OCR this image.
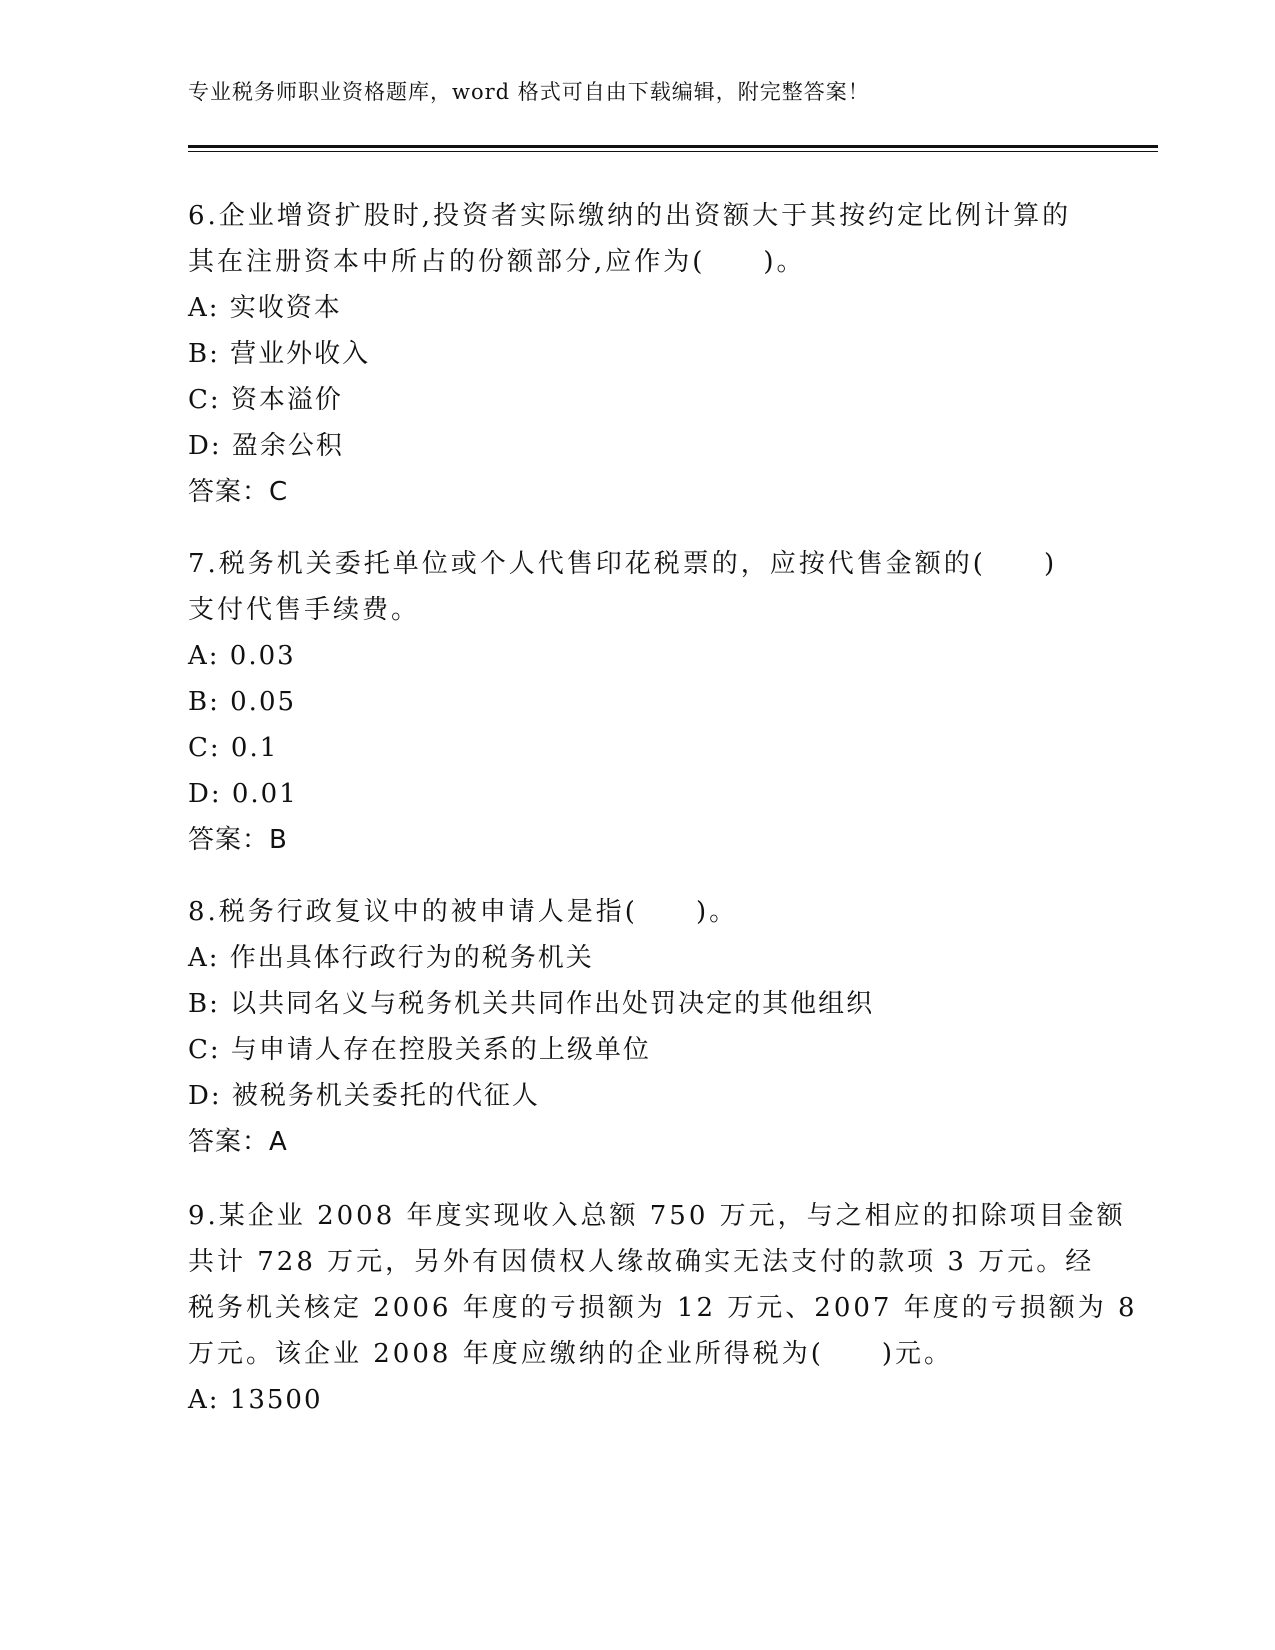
专业税务师职业资格题库，word 格式可自由下载编辑，附完整答案！
6.企业增资扩股时,投资者实际缴纳的出资额大于其按约定比例计算的
其在注册资本中所占的份额部分,应作为(　　)。
A: 实收资本
B: 营业外收入
C: 资本溢价
D: 盈余公积
答案：C
7.税务机关委托单位或个人代售印花税票的，应按代售金额的(　　)
支付代售手续费。
A: 0.03
B: 0.05
C: 0.1
D: 0.01
答案：B
8.税务行政复议中的被申请人是指(　　)。
A: 作出具体行政行为的税务机关
B: 以共同名义与税务机关共同作出处罚决定的其他组织
C: 与申请人存在控股关系的上级单位
D: 被税务机关委托的代征人
答案：A
9.某企业 2008 年度实现收入总额 750 万元，与之相应的扣除项目金额
共计 728 万元，另外有因债权人缘故确实无法支付的款项 3 万元。经
税务机关核定 2006 年度的亏损额为 12 万元、2007 年度的亏损额为 8
万元。该企业 2008 年度应缴纳的企业所得税为(　　)元。
A: 13500
